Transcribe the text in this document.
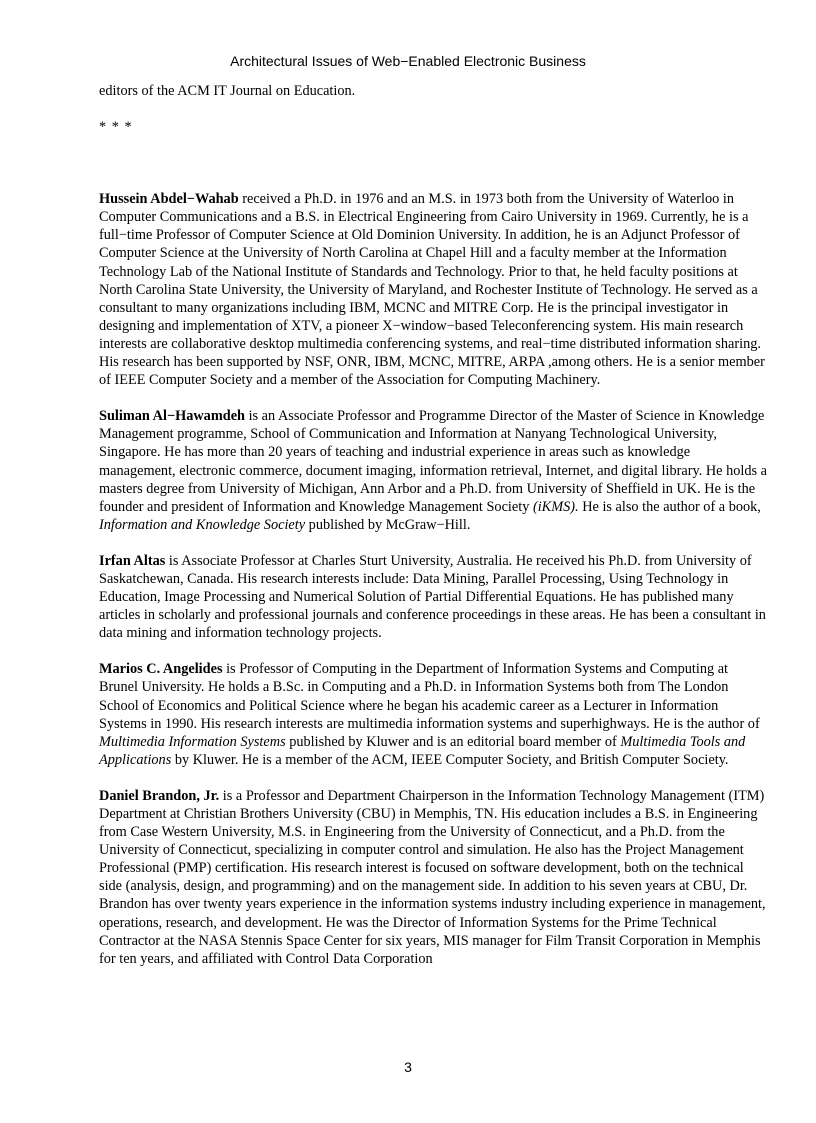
Architectural Issues of Web−Enabled Electronic Business

editors of the ACM IT Journal on Education.

* * *

Hussein Abdel−Wahab received a Ph.D. in 1976 and an M.S. in 1973 both from the University of Waterloo in Computer Communications and a B.S. in Electrical Engineering from Cairo University in 1969. Currently, he is a full−time Professor of Computer Science at Old Dominion University. In addition, he is an Adjunct Professor of Computer Science at the University of North Carolina at Chapel Hill and a faculty member at the Information Technology Lab of the National Institute of Standards and Technology. Prior to that, he held faculty positions at North Carolina State University, the University of Maryland, and Rochester Institute of Technology. He served as a consultant to many organizations including IBM, MCNC and MITRE Corp. He is the principal investigator in designing and implementation of XTV, a pioneer X−window−based Teleconferencing system. His main research interests are collaborative desktop multimedia conferencing systems, and real−time distributed information sharing. His research has been supported by NSF, ONR, IBM, MCNC, MITRE, ARPA ,among others. He is a senior member of IEEE Computer Society and a member of the Association for Computing Machinery.

Suliman Al−Hawamdeh is an Associate Professor and Programme Director of the Master of Science in Knowledge Management programme, School of Communication and Information at Nanyang Technological University, Singapore. He has more than 20 years of teaching and industrial experience in areas such as knowledge management, electronic commerce, document imaging, information retrieval, Internet, and digital library. He holds a masters degree from University of Michigan, Ann Arbor and a Ph.D. from University of Sheffield in UK. He is the founder and president of Information and Knowledge Management Society (iKMS). He is also the author of a book, Information and Knowledge Society published by McGraw−Hill.

Irfan Altas is Associate Professor at Charles Sturt University, Australia. He received his Ph.D. from University of Saskatchewan, Canada. His research interests include: Data Mining, Parallel Processing, Using Technology in Education, Image Processing and Numerical Solution of Partial Differential Equations. He has published many articles in scholarly and professional journals and conference proceedings in these areas. He has been a consultant in data mining and information technology projects.

Marios C. Angelides is Professor of Computing in the Department of Information Systems and Computing at Brunel University. He holds a B.Sc. in Computing and a Ph.D. in Information Systems both from The London School of Economics and Political Science where he began his academic career as a Lecturer in Information Systems in 1990. His research interests are multimedia information systems and superhighways. He is the author of Multimedia Information Systems published by Kluwer and is an editorial board member of Multimedia Tools and Applications by Kluwer. He is a member of the ACM, IEEE Computer Society, and British Computer Society.

Daniel Brandon, Jr. is a Professor and Department Chairperson in the Information Technology Management (ITM) Department at Christian Brothers University (CBU) in Memphis, TN. His education includes a B.S. in Engineering from Case Western University, M.S. in Engineering from the University of Connecticut, and a Ph.D. from the University of Connecticut, specializing in computer control and simulation. He also has the Project Management Professional (PMP) certification. His research interest is focused on software development, both on the technical side (analysis, design, and programming) and on the management side. In addition to his seven years at CBU, Dr. Brandon has over twenty years experience in the information systems industry including experience in management, operations, research, and development. He was the Director of Information Systems for the Prime Technical Contractor at the NASA Stennis Space Center for six years, MIS manager for Film Transit Corporation in Memphis for ten years, and affiliated with Control Data Corporation

3
